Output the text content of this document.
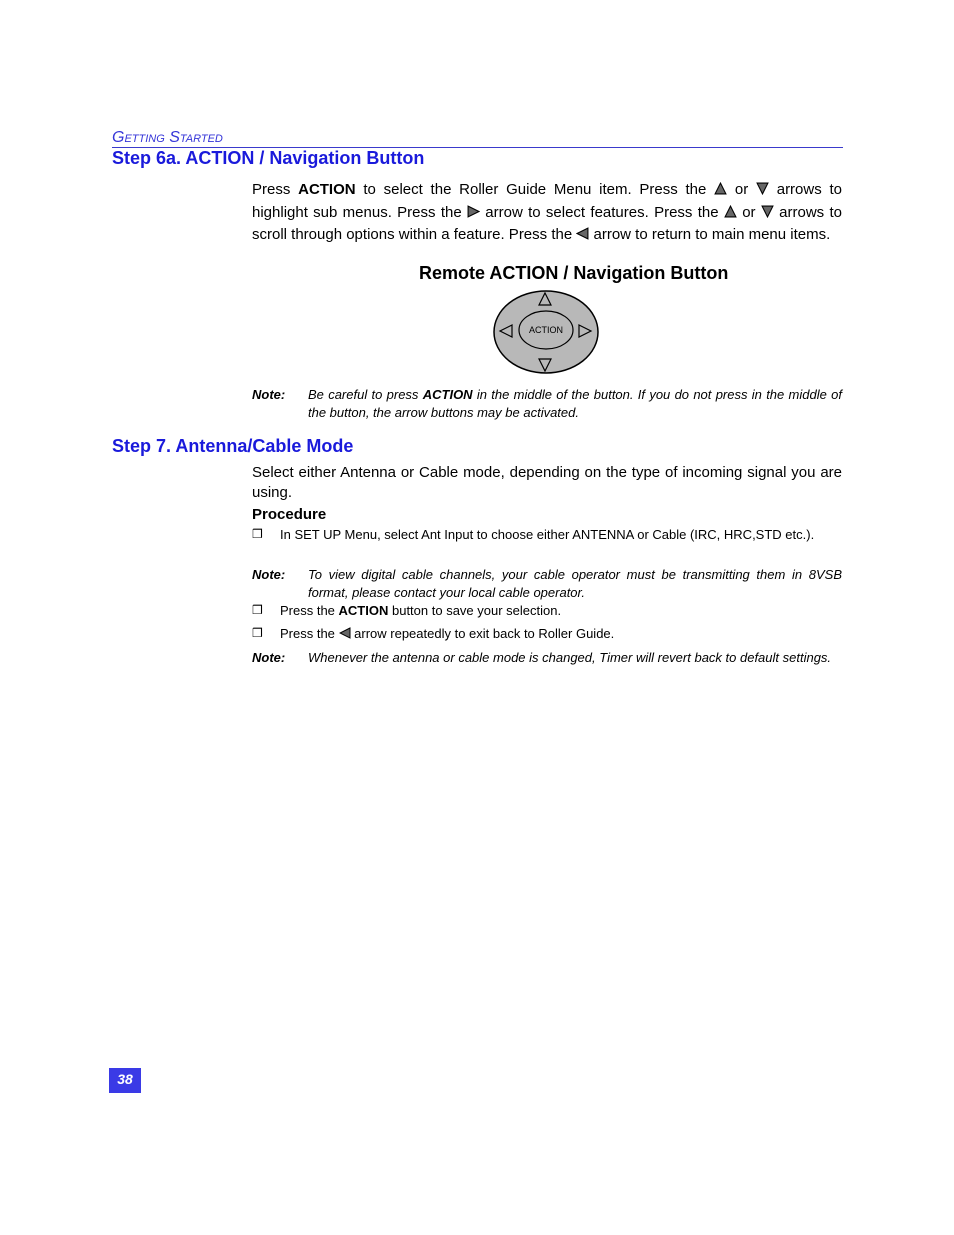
Getting Started
Step 6a. ACTION / Navigation Button
Press ACTION to select the Roller Guide Menu item. Press the  or  arrows to highlight sub menus. Press the  arrow to select features. Press the  or  arrows to scroll through options within a feature. Press the  arrow to return to main menu items.
Remote ACTION / Navigation Button
ACTION
Note: Be careful to press ACTION in the middle of the button. If you do not press in the middle of the button, the arrow buttons may be activated.
Step 7. Antenna/Cable Mode
Select either Antenna or Cable mode, depending on the type of incoming signal you are using.
Procedure
❒ In SET UP Menu, select Ant Input to choose either ANTENNA or Cable (IRC, HRC,STD etc.).
Note: To view digital cable channels, your cable operator must be transmitting them in 8VSB format, please contact your local cable operator.
❒ Press the ACTION button to save your selection.
❒ Press the  arrow repeatedly to exit back to Roller Guide.
Note: Whenever the antenna or cable mode is changed, Timer will revert back to default settings.
38
